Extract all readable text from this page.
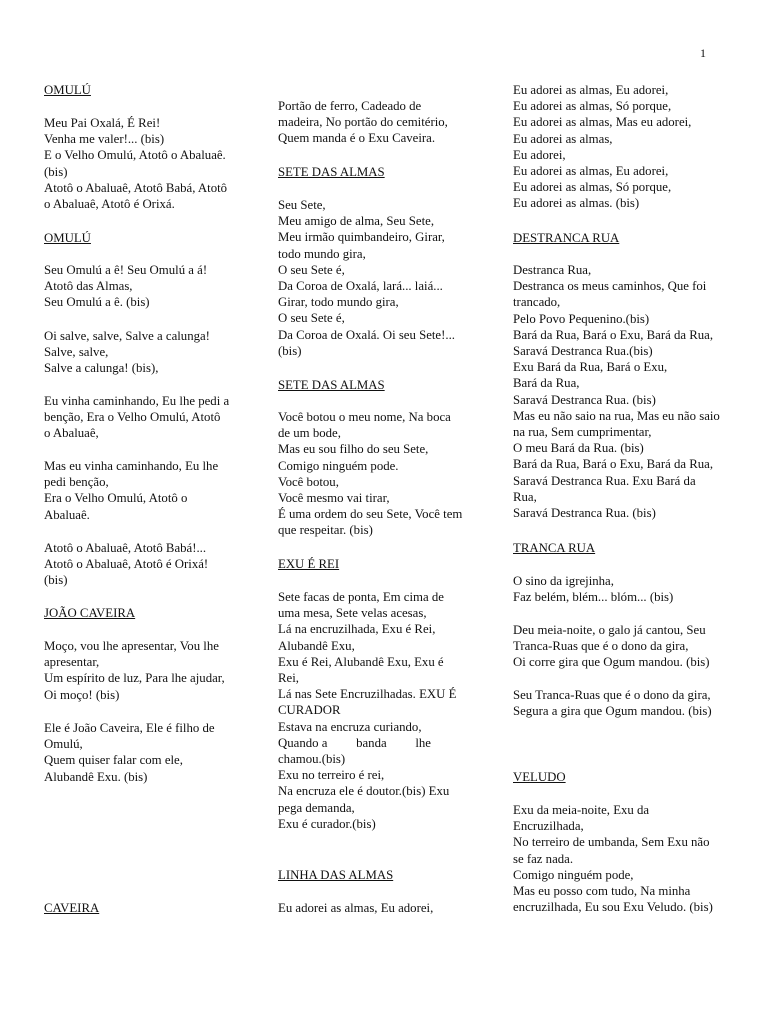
1
OMULÚ
Meu Pai Oxalá, É Rei!
Venha me valer!... (bis)
E o Velho Omulú, Atotô o Abaluaê.
(bis)
Atotô o Abaluaê, Atotô Babá, Atotô
o Abaluaê, Atotô é Orixá.
OMULÚ
Seu Omulú a ê! Seu Omulú a á!
Atotô das Almas,
Seu Omulú a ê. (bis)
Oi salve, salve, Salve a calunga!
Salve, salve,
Salve a calunga! (bis),
Eu vinha caminhando, Eu lhe pedi a
benção, Era o Velho Omulú, Atotô
o Abaluaê,
Mas eu vinha caminhando, Eu lhe
pedi benção,
Era o Velho Omulú, Atotô o
Abaluaê.
Atotô o Abaluaê, Atotô Babá!...
Atotô o Abaluaê, Atotô é Orixá!
(bis)
JOÃO CAVEIRA
Moço, vou lhe apresentar, Vou lhe
apresentar,
Um espírito de luz, Para lhe ajudar,
Oi moço! (bis)
Ele é João Caveira, Ele é filho de
Omulú,
Quem quiser falar com ele,
Alubandê Exu. (bis)
CAVEIRA
Portão de ferro, Cadeado de
madeira, No portão do cemitério,
Quem manda é o Exu Caveira.
SETE DAS ALMAS
Seu Sete,
Meu amigo de alma, Seu Sete,
Meu irmão quimbandeiro, Girar,
todo mundo gira,
O seu Sete é,
Da Coroa de Oxalá, lará... laiá...
Girar, todo mundo gira,
O seu Sete é,
Da Coroa de Oxalá. Oi seu Sete!...
(bis)
SETE DAS ALMAS
Você botou o meu nome, Na boca
de um bode,
Mas eu sou filho do seu Sete,
Comigo ninguém pode.
Você botou,
Você mesmo vai tirar,
É uma ordem do seu Sete, Você tem
que respeitar. (bis)
EXU É REI
Sete facas de ponta, Em cima de
uma mesa, Sete velas acesas,
Lá na encruzilhada, Exu é Rei,
Alubandê Exu,
Exu é Rei, Alubandê Exu, Exu é
Rei,
Lá nas Sete Encruzilhadas. EXU É
CURADOR
Estava na encruza curiando,
Quando a banda lhe
chamou.(bis)
Exu no terreiro é rei,
Na encruza ele é doutor.(bis) Exu
pega demanda,
Exu é curador.(bis)
LINHA DAS ALMAS
Eu adorei as almas, Eu adorei,
Eu adorei as almas, Eu adorei,
Eu adorei as almas, Só porque,
Eu adorei as almas, Mas eu adorei,
Eu adorei as almas,
Eu adorei,
Eu adorei as almas, Eu adorei,
Eu adorei as almas, Só porque,
Eu adorei as almas. (bis)
DESTRANCA RUA
Destranca Rua,
Destranca os meus caminhos, Que foi
trancado,
Pelo Povo Pequenino.(bis)
Bará da Rua, Bará o Exu, Bará da Rua,
Saravá Destranca Rua.(bis)
Exu Bará da Rua, Bará o Exu,
Bará da Rua,
Saravá Destranca Rua. (bis)
Mas eu não saio na rua, Mas eu não saio
na rua, Sem cumprimentar,
O meu Bará da Rua. (bis)
Bará da Rua, Bará o Exu, Bará da Rua,
Saravá Destranca Rua. Exu Bará da
Rua,
Saravá Destranca Rua. (bis)
TRANCA RUA
O sino da igrejinha,
Faz belém, blém... blóm... (bis)
Deu meia-noite, o galo já cantou, Seu
Tranca-Ruas que é o dono da gira,
Oi corre gira que Ogum mandou. (bis)
Seu Tranca-Ruas que é o dono da gira,
Segura a gira que Ogum mandou. (bis)
VELUDO
Exu da meia-noite, Exu da
Encruzilhada,
No terreiro de umbanda, Sem Exu não
se faz nada.
Comigo ninguém pode,
Mas eu posso com tudo, Na minha
encruzilhada, Eu sou Exu Veludo. (bis)
